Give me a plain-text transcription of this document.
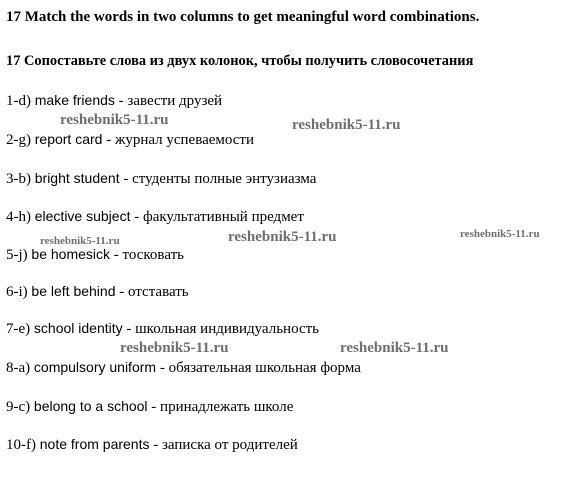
17 Match the words in two columns to get meaningful word combinations.

17 Сопоставьте слова из двух колонок, чтобы получить словосочетания

1-d) make friends - завести друзей
2-g) report card - журнал успеваемости
3-b) bright student - студенты полные энтузиазма
4-h) elective subject - факультативный предмет
5-j) be homesick - тосковать
6-i) be left behind - отставать
7-e) school identity - школьная индивидуальность
8-a) compulsory uniform - обязательная школьная форма
9-c) belong to a school - принадлежать школе
10-f) note from parents - записка от родителей
reshebnik5-11.ru	reshebnik5-11.ru
reshebnik5-11.ru	reshebnik5-11.ru	reshebnik5-11.ru
reshebnik5-11.ru	reshebnik5-11.ru
